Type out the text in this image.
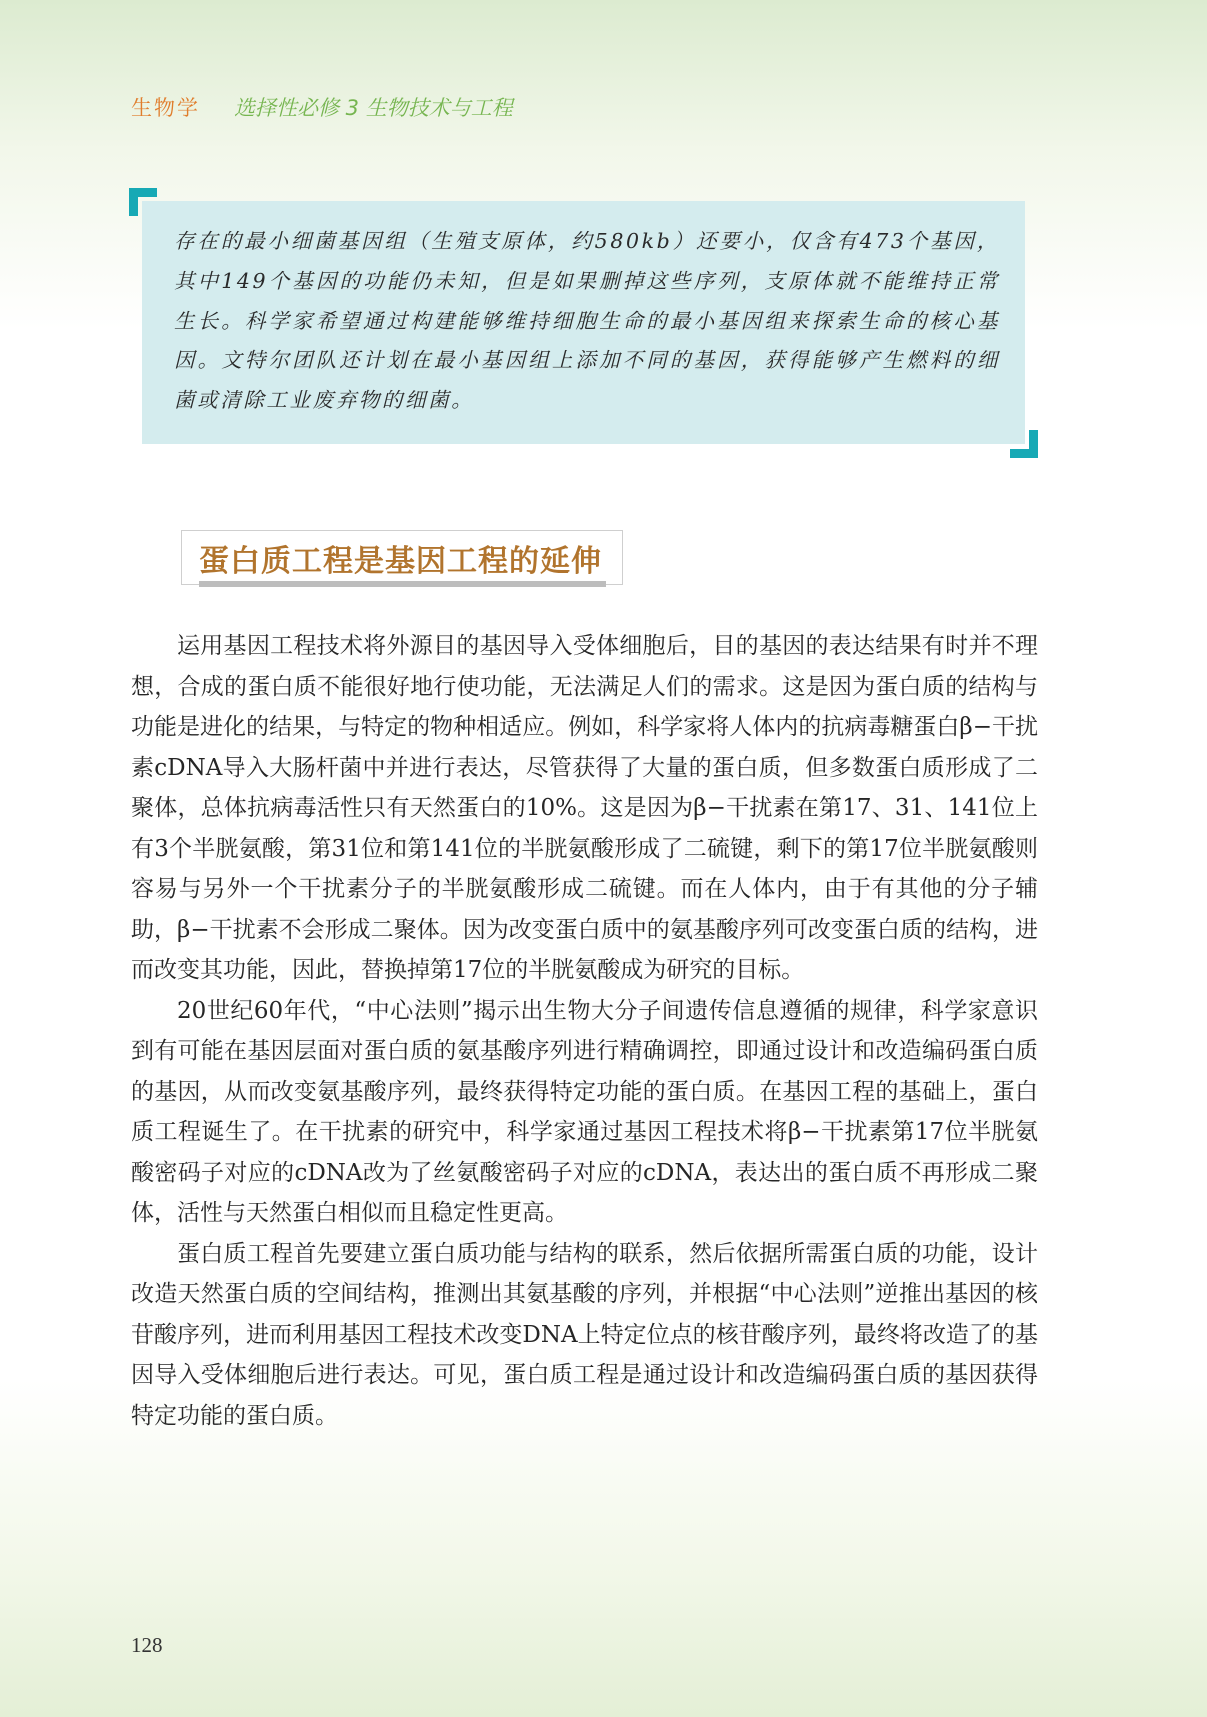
生物学 选择性必修 3 生物技术与工程
存在的最小细菌基因组（生殖支原体，约580kb）还要小，仅含有473个基因，其中149个基因的功能仍未知，但是如果删掉这些序列，支原体就不能维持正常生长。科学家希望通过构建能够维持细胞生命的最小基因组来探索生命的核心基因。文特尔团队还计划在最小基因组上添加不同的基因，获得能够产生燃料的细菌或清除工业废弃物的细菌。
蛋白质工程是基因工程的延伸

运用基因工程技术将外源目的基因导入受体细胞后，目的基因的表达结果有时并不理想，合成的蛋白质不能很好地行使功能，无法满足人们的需求。这是因为蛋白质的结构与功能是进化的结果，与特定的物种相适应。例如，科学家将人体内的抗病毒糖蛋白β−干扰素cDNA导入大肠杆菌中并进行表达，尽管获得了大量的蛋白质，但多数蛋白质形成了二聚体，总体抗病毒活性只有天然蛋白的10%。这是因为β−干扰素在第17、31、141位上有3个半胱氨酸，第31位和第141位的半胱氨酸形成了二硫键，剩下的第17位半胱氨酸则容易与另外一个干扰素分子的半胱氨酸形成二硫键。而在人体内，由于有其他的分子辅助，β−干扰素不会形成二聚体。因为改变蛋白质中的氨基酸序列可改变蛋白质的结构，进而改变其功能，因此，替换掉第17位的半胱氨酸成为研究的目标。

20世纪60年代，“中心法则”揭示出生物大分子间遗传信息遵循的规律，科学家意识到有可能在基因层面对蛋白质的氨基酸序列进行精确调控，即通过设计和改造编码蛋白质的基因，从而改变氨基酸序列，最终获得特定功能的蛋白质。在基因工程的基础上，蛋白质工程诞生了。在干扰素的研究中，科学家通过基因工程技术将β−干扰素第17位半胱氨酸密码子对应的cDNA改为了丝氨酸密码子对应的cDNA，表达出的蛋白质不再形成二聚体，活性与天然蛋白相似而且稳定性更高。

蛋白质工程首先要建立蛋白质功能与结构的联系，然后依据所需蛋白质的功能，设计改造天然蛋白质的空间结构，推测出其氨基酸的序列，并根据“中心法则”逆推出基因的核苷酸序列，进而利用基因工程技术改变DNA上特定位点的核苷酸序列，最终将改造了的基因导入受体细胞后进行表达。可见，蛋白质工程是通过设计和改造编码蛋白质的基因获得特定功能的蛋白质。

128
